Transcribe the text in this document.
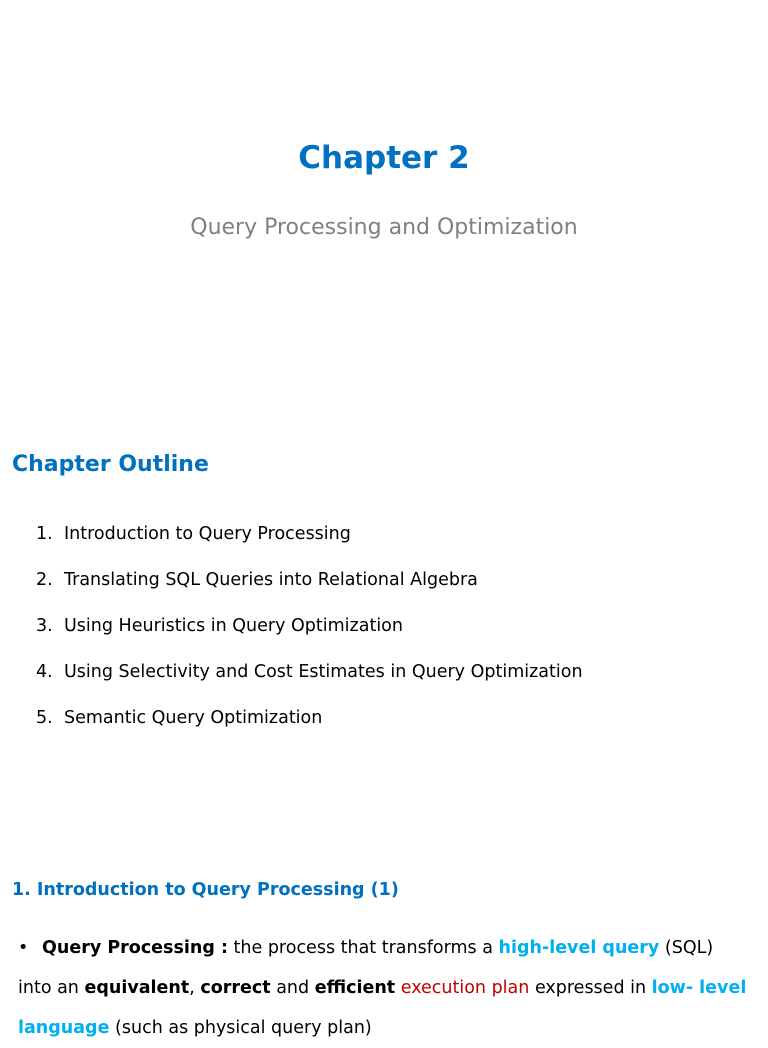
Chapter 2

Query Processing and Optimization

Chapter Outline
1. Introduction to Query Processing
2. Translating SQL Queries into Relational Algebra
3. Using Heuristics in Query Optimization
4. Using Selectivity and Cost Estimates in Query Optimization
5. Semantic Query Optimization
1. Introduction to Query Processing (1)

• Query Processing : the process that transforms a high-level query (SQL) into an equivalent, correct and efficient execution plan expressed in low- level language (such as physical query plan)
